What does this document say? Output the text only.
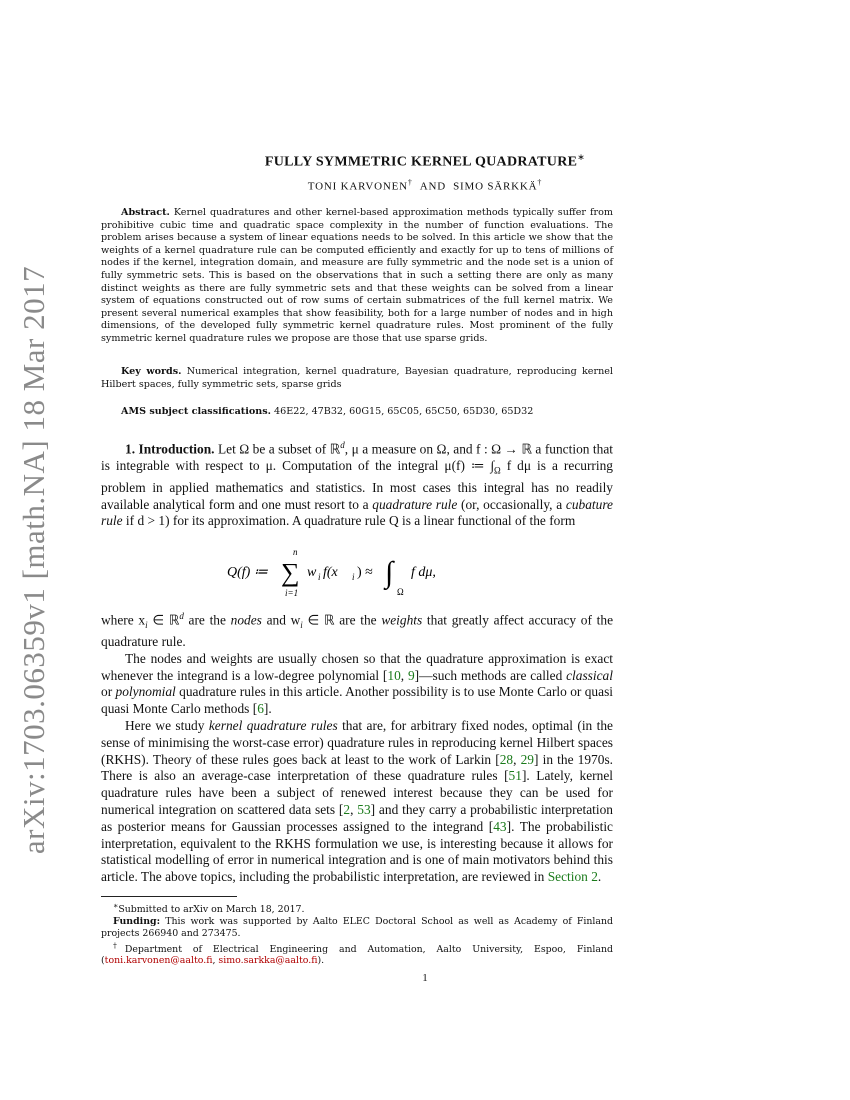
arXiv:1703.06359v1 [math.NA] 18 Mar 2017
FULLY SYMMETRIC KERNEL QUADRATURE∗
TONI KARVONEN† AND SIMO SÄRKKÄ†
Abstract. Kernel quadratures and other kernel-based approximation methods typically suffer from prohibitive cubic time and quadratic space complexity in the number of function evaluations. The problem arises because a system of linear equations needs to be solved. In this article we show that the weights of a kernel quadrature rule can be computed efficiently and exactly for up to tens of millions of nodes if the kernel, integration domain, and measure are fully symmetric and the node set is a union of fully symmetric sets. This is based on the observations that in such a setting there are only as many distinct weights as there are fully symmetric sets and that these weights can be solved from a linear system of equations constructed out of row sums of certain submatrices of the full kernel matrix. We present several numerical examples that show feasibility, both for a large number of nodes and in high dimensions, of the developed fully symmetric kernel quadrature rules. Most prominent of the fully symmetric kernel quadrature rules we propose are those that use sparse grids.
Key words. Numerical integration, kernel quadrature, Bayesian quadrature, reproducing kernel Hilbert spaces, fully symmetric sets, sparse grids
AMS subject classifications. 46E22, 47B32, 60G15, 65C05, 65C50, 65D30, 65D32

1. Introduction. Let Ω be a subset of ℝ$^d$, μ a measure on Ω, and f : Ω → ℝ a function that is integrable with respect to μ. Computation of the integral μ(f) ≔ $\int_\Omega$ f dμ is a recurring problem in applied mathematics and statistics. In most cases this integral has no readily available analytical form and one must resort to a quadrature rule (or, occasionally, a cubature rule if d > 1) for its approximation. A quadrature rule Q is a linear functional of the form

Q(f) ≔
n
∑
i=1
w i f(x i ) ≈ ∫
Ω
f dμ,

where $x_i$ ∈ ℝ$^d$ are the nodes and $w_i$ ∈ ℝ are the weights that greatly affect accuracy of the quadrature rule.

The nodes and weights are usually chosen so that the quadrature approximation is exact whenever the integrand is a low-degree polynomial [10, 9]—such methods are called classical or polynomial quadrature rules in this article. Another possibility is to use Monte Carlo or quasi quasi Monte Carlo methods [6].

Here we study kernel quadrature rules that are, for arbitrary fixed nodes, optimal (in the sense of minimising the worst-case error) quadrature rules in reproducing kernel Hilbert spaces (RKHS). Theory of these rules goes back at least to the work of Larkin [28, 29] in the 1970s. There is also an average-case interpretation of these quadrature rules [51]. Lately, kernel quadrature rules have been a subject of renewed interest because they can be used for numerical integration on scattered data sets [2, 53] and they carry a probabilistic interpretation as posterior means for Gaussian processes assigned to the integrand [43]. The probabilistic interpretation, equivalent to the RKHS formulation we use, is interesting because it allows for statistical modelling of error in numerical integration and is one of main motivators behind this article. The above topics, including the probabilistic interpretation, are reviewed in Section 2.

∗Submitted to arXiv on March 18, 2017.

Funding: This work was supported by Aalto ELEC Doctoral School as well as Academy of Finland projects 266940 and 273475.

†Department of Electrical Engineering and Automation, Aalto University, Espoo, Finland (toni.karvonen@aalto.fi, simo.sarkka@aalto.fi).

1
